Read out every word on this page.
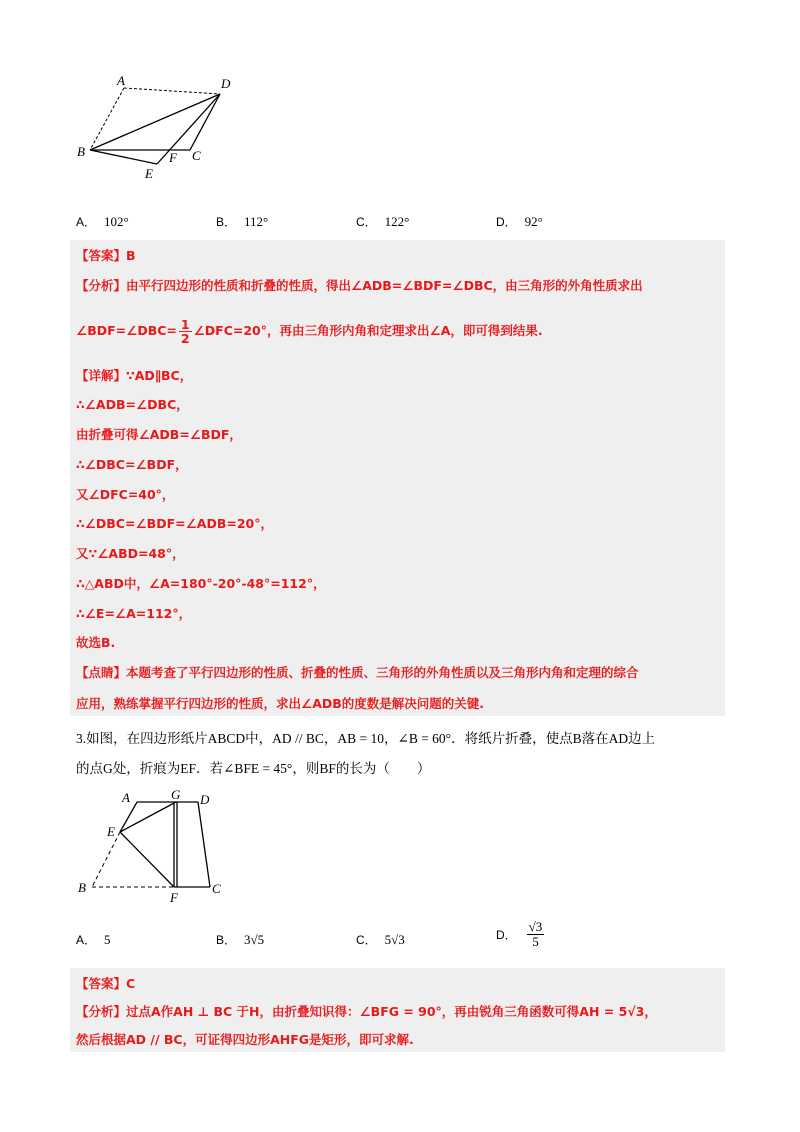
A	D
B	F C
E
A． 102°	B． 112°	C． 122°	D． 92°
【答案】B
【分析】由平行四边形的性质和折叠的性质，得出∠ADB=∠BDF=∠DBC，由三角形的外角性质求出
∠BDF=∠DBC= $\frac{1}{2}$ ∠DFC=20°，再由三角形内角和定理求出∠A，即可得到结果.
【详解】∵AD∥BC，
∴∠ADB=∠DBC，
由折叠可得∠ADB=∠BDF，
∴∠DBC=∠BDF，
又∠DFC=40°，
∴∠DBC=∠BDF=∠ADB=20°，
又∵∠ABD=48°，
∴△ABD中，∠A=180°-20°-48°=112°，
∴∠E=∠A=112°，
故选B.
【点睛】本题考查了平行四边形的性质、折叠的性质、三角形的外角性质以及三角形内角和定理的综合
应用，熟练掌握平行四边形的性质，求出∠ADB的度数是解决问题的关键.
3.如图，在四边形纸片ABCD中，AD // BC，AB = 10，∠B = 60°．将纸片折叠，使点B落在AD边上
的点G处，折痕为EF．若∠BFE = 45°，则BF的长为（　　）
A	G D
E
B
F
C
A． 5	B． 3√5	C． 5√3	D． $\frac{√3}{5}$
【答案】C
【分析】过点A作AH ⊥ BC 于H，由折叠知识得：∠BFG = 90°，再由锐角三角函数可得AH = 5√3，
然后根据AD // BC，可证得四边形AHFG是矩形，即可求解.
